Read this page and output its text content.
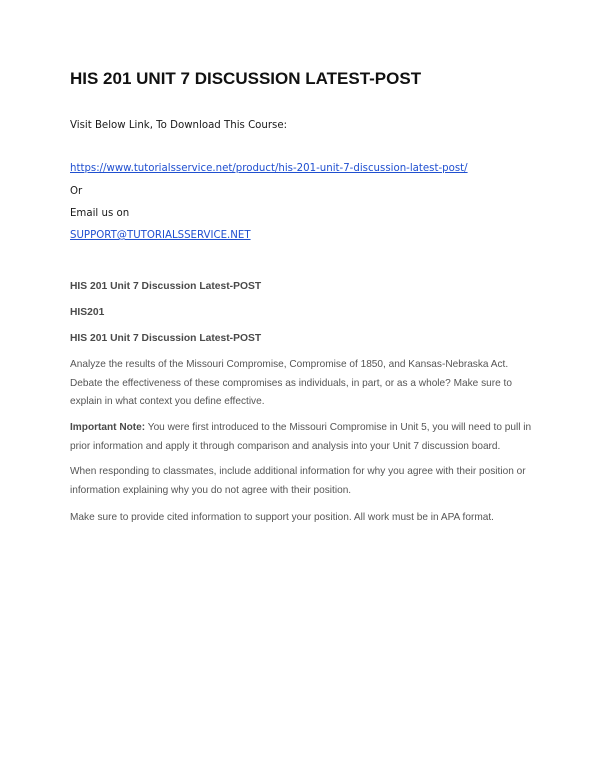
HIS 201 UNIT 7 DISCUSSION LATEST-POST
Visit Below Link, To Download This Course:
https://www.tutorialsservice.net/product/his-201-unit-7-discussion-latest-post/
Or
Email us on
SUPPORT@TUTORIALSSERVICE.NET
HIS 201 Unit 7 Discussion Latest-POST
HIS201
HIS 201 Unit 7 Discussion Latest-POST
Analyze the results of the Missouri Compromise, Compromise of 1850, and Kansas-Nebraska Act.
Debate the effectiveness of these compromises as individuals, in part, or as a whole? Make sure to
explain in what context you define effective.
Important Note: You were first introduced to the Missouri Compromise in Unit 5, you will need to pull in
prior information and apply it through comparison and analysis into your Unit 7 discussion board.
When responding to classmates, include additional information for why you agree with their position or
information explaining why you do not agree with their position.
Make sure to provide cited information to support your position. All work must be in APA format.
